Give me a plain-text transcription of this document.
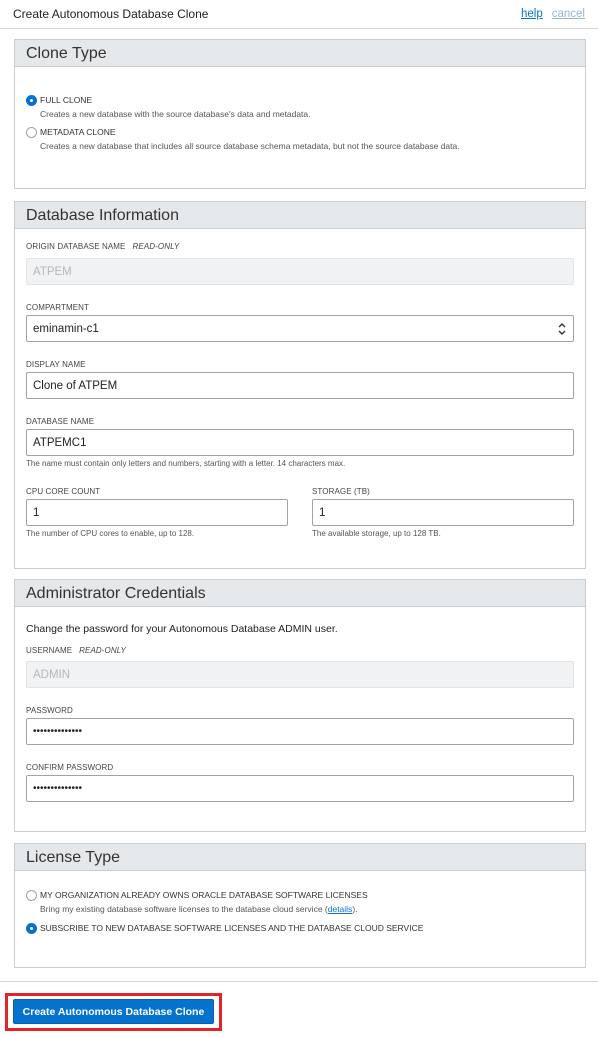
Create Autonomous Database Clone	help cancel
Clone Type
FULL CLONE
Creates a new database with the source database's data and metadata.
METADATA CLONE
Creates a new database that includes all source database schema metadata, but not the source database data.
Database Information
ORIGIN DATABASE NAME READ-ONLY
ATPEM
COMPARTMENT
eminamin-c1
DISPLAY NAME
Clone of ATPEM
DATABASE NAME
ATPEMC1
The name must contain only letters and numbers, starting with a letter. 14 characters max.
CPU CORE COUNT
1
The number of CPU cores to enable, up to 128.
STORAGE (TB)
1
The available storage, up to 128 TB.
Administrator Credentials
Change the password for your Autonomous Database ADMIN user.
USERNAME READ-ONLY
ADMIN
PASSWORD
••••••••••••••
CONFIRM PASSWORD
••••••••••••••
License Type
MY ORGANIZATION ALREADY OWNS ORACLE DATABASE SOFTWARE LICENSES
Bring my existing database software licenses to the database cloud service (details).
SUBSCRIBE TO NEW DATABASE SOFTWARE LICENSES AND THE DATABASE CLOUD SERVICE
Create Autonomous Database Clone
